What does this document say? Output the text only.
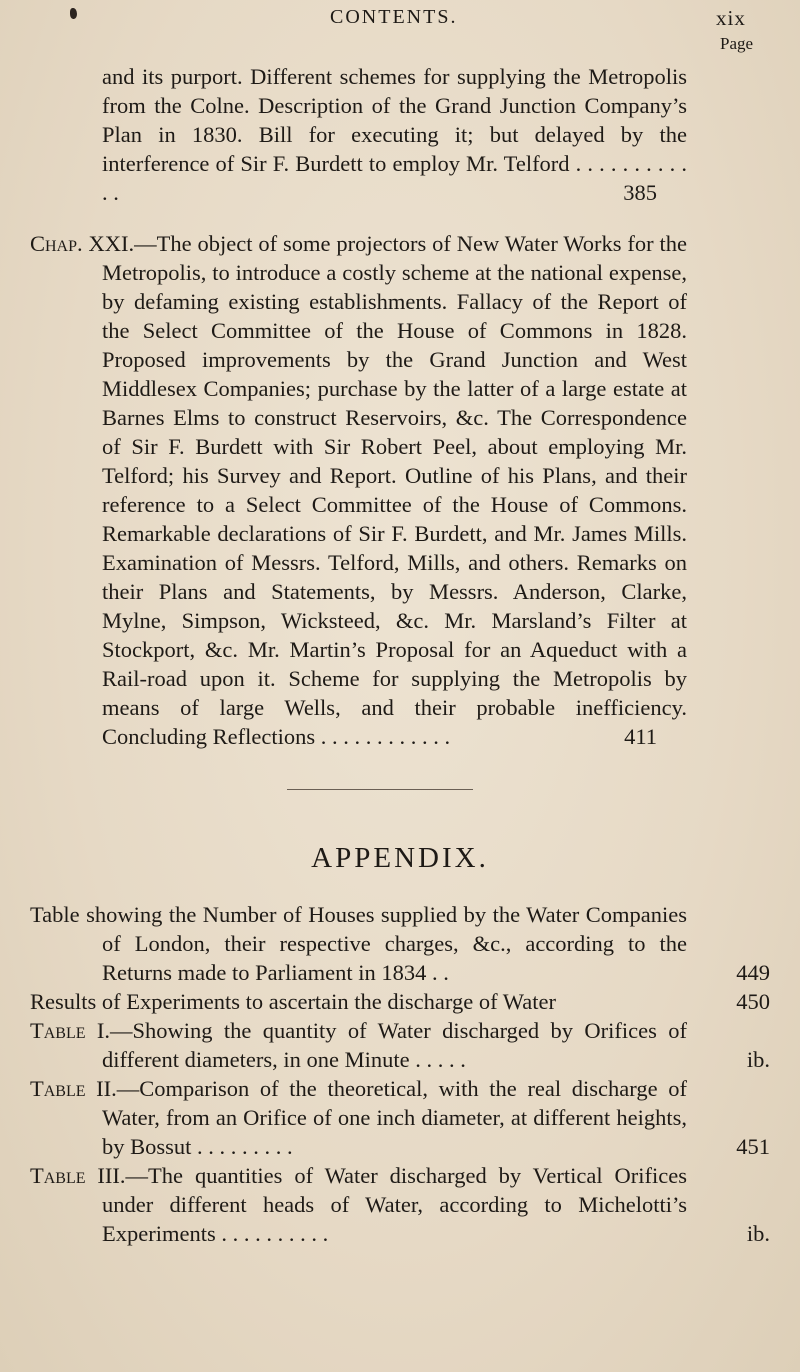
CONTENTS.	xix
Page
and its purport. Different schemes for supplying the Metropolis from the Colne. Description of the Grand Junction Company’s Plan in 1830. Bill for executing it; but delayed by the interference of Sir F. Burdett to employ Mr. Telford . . . . . . . . . . . .	385
Chap. XXI.—The object of some projectors of New Water Works for the Metropolis, to introduce a costly scheme at the national expense, by defaming existing establishments. Fallacy of the Report of the Select Committee of the House of Commons in 1828. Proposed improvements by the Grand Junction and West Middlesex Companies; purchase by the latter of a large estate at Barnes Elms to construct Reservoirs, &c. The Correspondence of Sir F. Burdett with Sir Robert Peel, about employing Mr. Telford; his Survey and Report. Outline of his Plans, and their reference to a Select Committee of the House of Commons. Remarkable declarations of Sir F. Burdett, and Mr. James Mills. Examination of Messrs. Telford, Mills, and others. Remarks on their Plans and Statements, by Messrs. Anderson, Clarke, Mylne, Simpson, Wicksteed, &c. Mr. Marsland’s Filter at Stockport, &c. Mr. Martin’s Proposal for an Aqueduct with a Rail-road upon it. Scheme for supplying the Metropolis by means of large Wells, and their probable inefficiency. Concluding Reflections . . . . . . . . . . . .	411
APPENDIX.
Table showing the Number of Houses supplied by the Water Companies of London, their respective charges, &c., according to the Returns made to Parliament in 1834 . .	449
Results of Experiments to ascertain the discharge of Water	450
Table I.—Showing the quantity of Water discharged by Orifices of different diameters, in one Minute . . . . .	ib.
Table II.—Comparison of the theoretical, with the real discharge of Water, from an Orifice of one inch diameter, at different heights, by Bossut . . . . . . . . .	451
Table III.—The quantities of Water discharged by Vertical Orifices under different heads of Water, according to Michelotti’s Experiments . . . . . . . . . .	ib.
